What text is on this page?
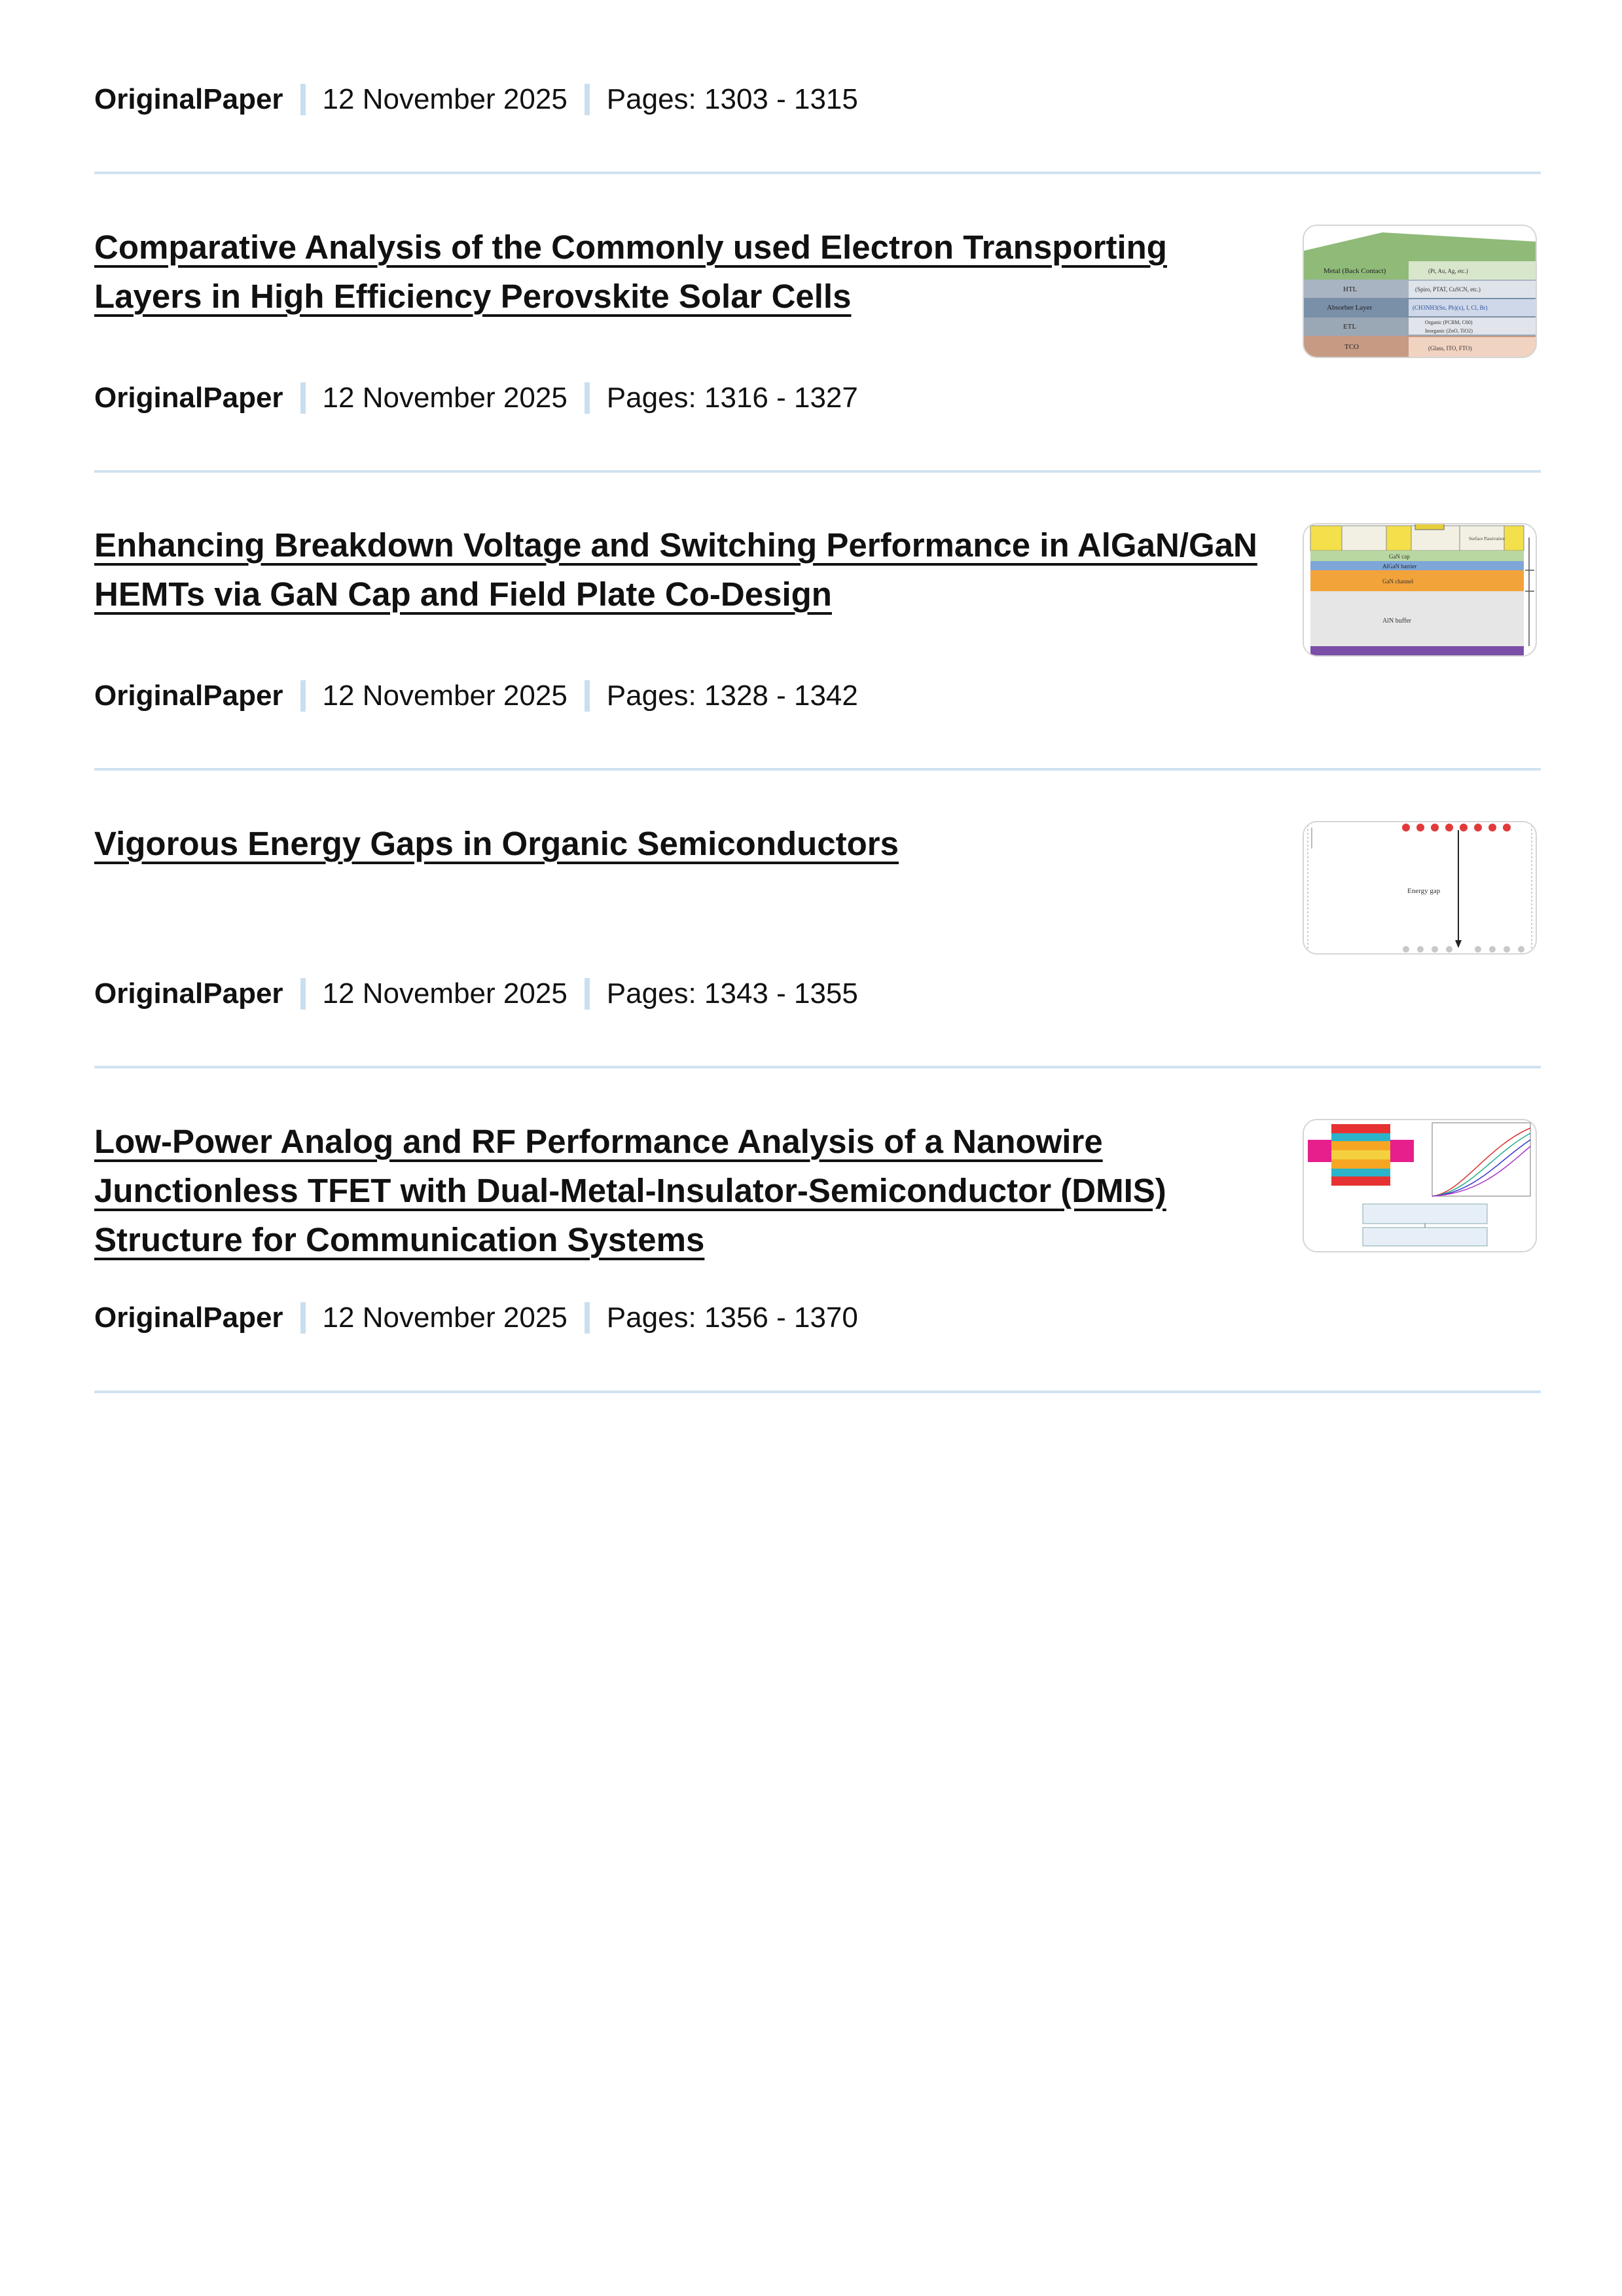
OriginalPaper 12 November 2025 Pages: 1303 - 1315
Comparative Analysis of the Commonly used Electron Transporting
Layers in High Efficiency Perovskite Solar Cells
Metal (Back Contact)
HTL
Absorber Layer
ETL
TCO
(Pt, Au, Ag, etc.)
(Spiro, PTAT, CuSCN, etc.)
(CH3NH3(Sn, Pb)(x), I, Cl, Br)
Organic (PCBM, C60)
Inorganic (ZnO, TiO2)
(Glass, ITO, FTO)
OriginalPaper 12 November 2025 Pages: 1316 - 1327
Enhancing Breakdown Voltage and Switching Performance in AlGaN/GaN
HEMTs via GaN Cap and Field Plate Co-Design
Surface Passivation
GaN cap
AlGaN barrier
GaN channel
AlN buffer
OriginalPaper 12 November 2025 Pages: 1328 - 1342
Vigorous Energy Gaps in Organic Semiconductors
Energy gap
OriginalPaper 12 November 2025 Pages: 1343 - 1355
Low-Power Analog and RF Performance Analysis of a Nanowire
Junctionless TFET with Dual-Metal-Insulator-Semiconductor (DMIS)
Structure for Communication Systems
OriginalPaper 12 November 2025 Pages: 1356 - 1370
